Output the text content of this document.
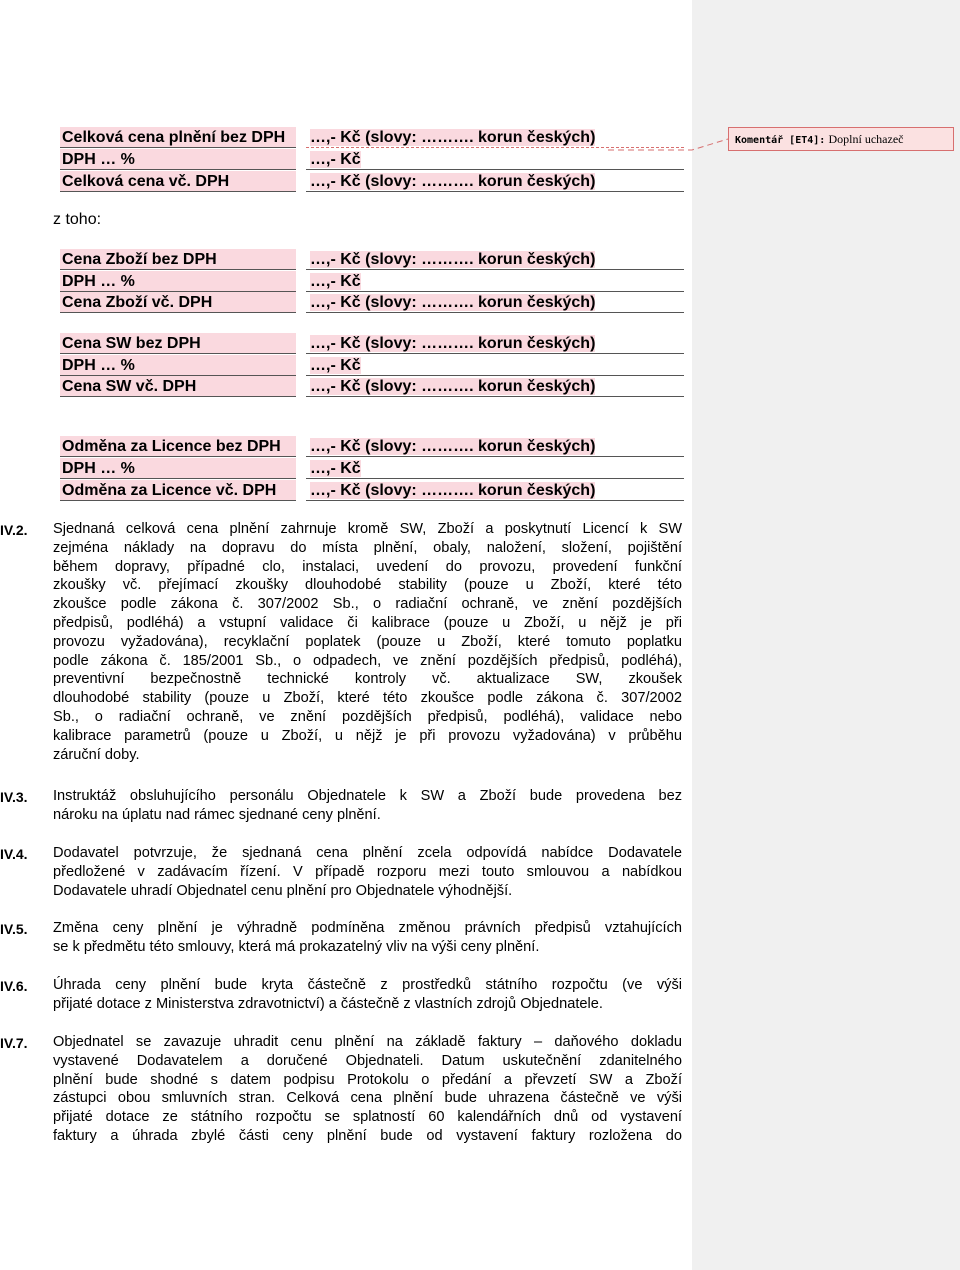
Komentář [ET4]: Doplní uchazeč
Celková cena plnění bez DPH	…,- Kč (slovy: ………. korun českých)
DPH … %	…,- Kč
Celková cena vč. DPH	…,- Kč (slovy: ………. korun českých)
z toho:
Cena Zboží bez DPH	…,- Kč (slovy: ………. korun českých)
DPH … %	…,- Kč
Cena Zboží vč. DPH	…,- Kč (slovy: ………. korun českých)
Cena SW bez DPH	…,- Kč (slovy: ………. korun českých)
DPH … %	…,- Kč
Cena SW vč. DPH	…,- Kč (slovy: ………. korun českých)
Odměna za Licence bez DPH	…,- Kč (slovy: ………. korun českých)
DPH … %	…,- Kč
Odměna za Licence vč. DPH	…,- Kč (slovy: ………. korun českých)
IV.2.	Sjednaná celková cena plnění zahrnuje kromě SW, Zboží a poskytnutí Licencí k SW
zejména náklady na dopravu do místa plnění, obaly, naložení, složení, pojištění
během dopravy, případné clo, instalaci, uvedení do provozu, provedení funkční
zkoušky vč. přejímací zkoušky dlouhodobé stability (pouze u Zboží, které této
zkoušce podle zákona č. 307/2002 Sb., o radiační ochraně, ve znění pozdějších
předpisů, podléhá) a vstupní validace či kalibrace (pouze u Zboží, u nějž je při
provozu vyžadována), recyklační poplatek (pouze u Zboží, které tomuto poplatku
podle zákona č. 185/2001 Sb., o odpadech, ve znění pozdějších předpisů, podléhá),
preventivní bezpečnostně technické kontroly vč. aktualizace SW, zkoušek
dlouhodobé stability (pouze u Zboží, které této zkoušce podle zákona č. 307/2002
Sb., o radiační ochraně, ve znění pozdějších předpisů, podléhá), validace nebo
kalibrace parametrů (pouze u Zboží, u nějž je při provozu vyžadována) v průběhu
záruční doby.
IV.3.	Instruktáž obsluhujícího personálu Objednatele k SW a Zboží bude provedena bez
nároku na úplatu nad rámec sjednané ceny plnění.
IV.4.	Dodavatel potvrzuje, že sjednaná cena plnění zcela odpovídá nabídce Dodavatele
předložené v zadávacím řízení. V případě rozporu mezi touto smlouvou a nabídkou
Dodavatele uhradí Objednatel cenu plnění pro Objednatele výhodnější.
IV.5.	Změna ceny plnění je výhradně podmíněna změnou právních předpisů vztahujících
se k předmětu této smlouvy, která má prokazatelný vliv na výši ceny plnění.
IV.6.	Úhrada ceny plnění bude kryta částečně z prostředků státního rozpočtu (ve výši
přijaté dotace z Ministerstva zdravotnictví) a částečně z vlastních zdrojů Objednatele.
IV.7.	Objednatel se zavazuje uhradit cenu plnění na základě faktury – daňového dokladu
vystavené Dodavatelem a doručené Objednateli. Datum uskutečnění zdanitelného
plnění bude shodné s datem podpisu Protokolu o předání a převzetí SW a Zboží
zástupci obou smluvních stran. Celková cena plnění bude uhrazena částečně ve výši
přijaté dotace ze státního rozpočtu se splatností 60 kalendářních dnů od vystavení
faktury a úhrada zbylé části ceny plnění bude od vystavení faktury rozložena do
